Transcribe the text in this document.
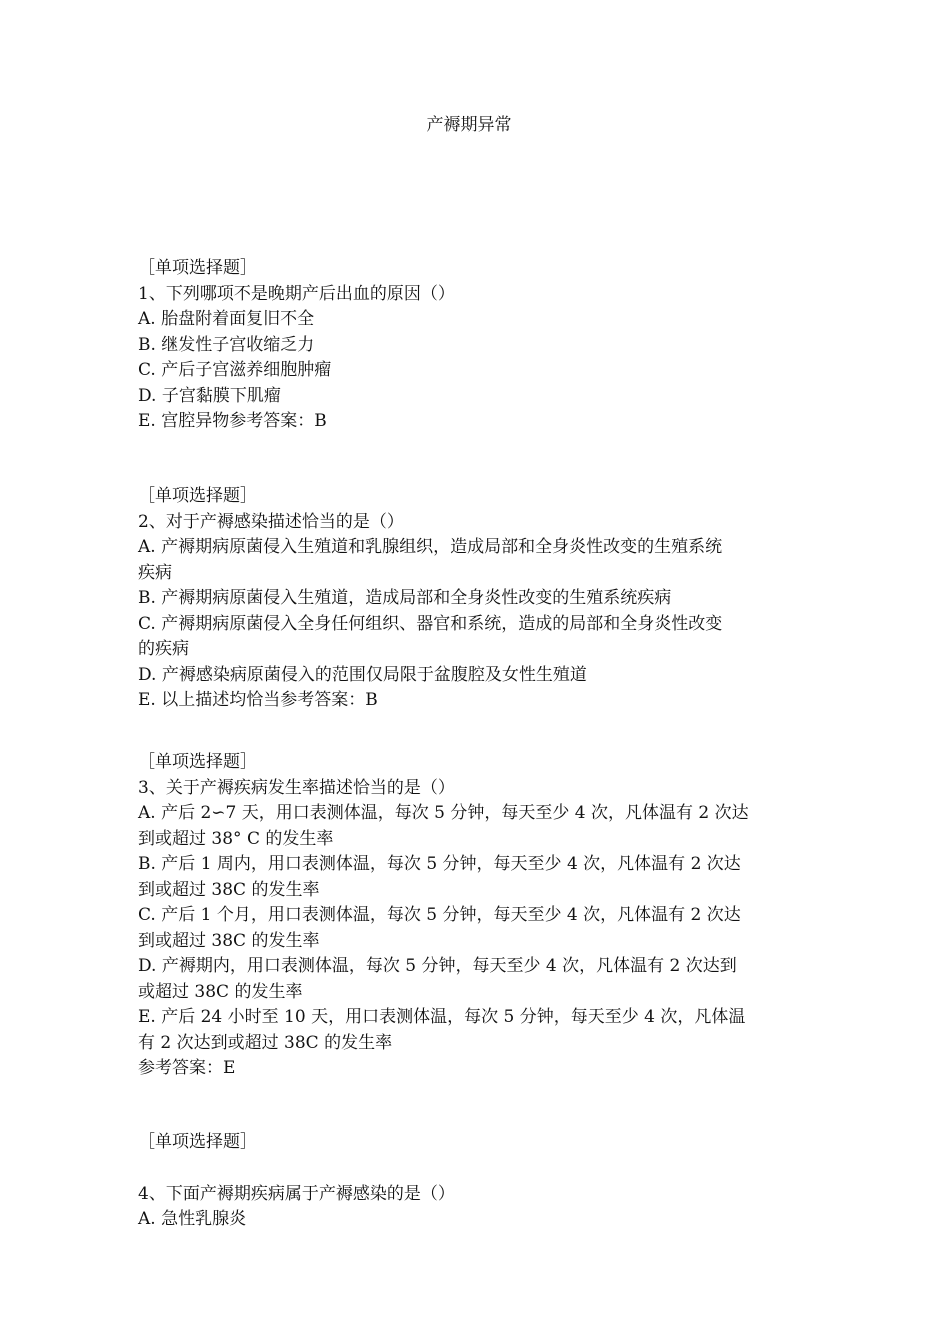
产褥期异常
［单项选择题］
1、下列哪项不是晚期产后出血的原因（）
A. 胎盘附着面复旧不全
B. 继发性子宫收缩乏力
C. 产后子宫滋养细胞肿瘤
D. 子宫黏膜下肌瘤
E. 宫腔异物参考答案：B
［单项选择题］
2、对于产褥感染描述恰当的是（）
A. 产褥期病原菌侵入生殖道和乳腺组织，造成局部和全身炎性改变的生殖系统
疾病
B. 产褥期病原菌侵入生殖道，造成局部和全身炎性改变的生殖系统疾病
C. 产褥期病原菌侵入全身任何组织、器官和系统，造成的局部和全身炎性改变
的疾病
D. 产褥感染病原菌侵入的范围仅局限于盆腹腔及女性生殖道
E. 以上描述均恰当参考答案：B
［单项选择题］
3、关于产褥疾病发生率描述恰当的是（）
A. 产后 2∽7 天，用口表测体温，每次 5 分钟，每天至少 4 次，凡体温有 2 次达
到或超过 38° C 的发生率
B. 产后 1 周内，用口表测体温，每次 5 分钟，每天至少 4 次，凡体温有 2 次达
到或超过 38C 的发生率
C. 产后 1 个月，用口表测体温，每次 5 分钟，每天至少 4 次，凡体温有 2 次达
到或超过 38C 的发生率
D. 产褥期内，用口表测体温，每次 5 分钟，每天至少 4 次，凡体温有 2 次达到
或超过 38C 的发生率
E. 产后 24 小时至 10 天，用口表测体温，每次 5 分钟，每天至少 4 次，凡体温
有 2 次达到或超过 38C 的发生率
参考答案：E
［单项选择题］
4、下面产褥期疾病属于产褥感染的是（）
A. 急性乳腺炎
